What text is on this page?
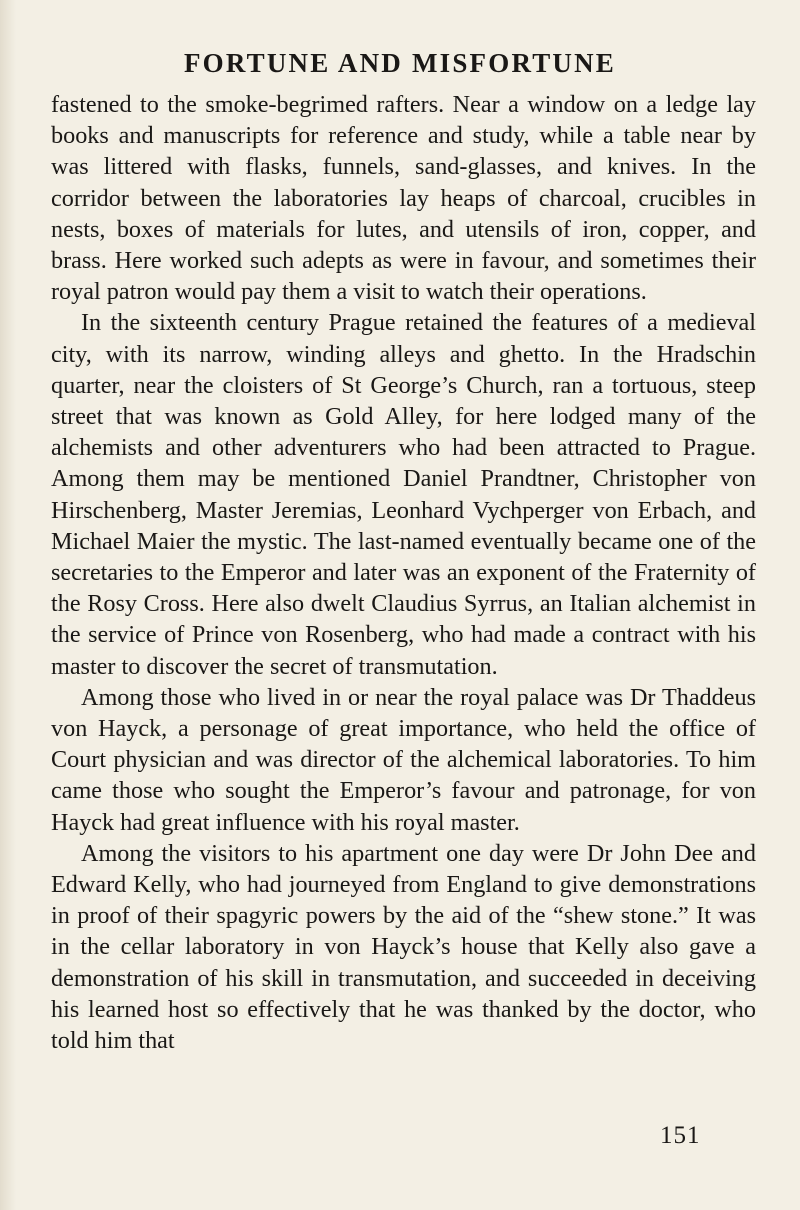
FORTUNE AND MISFORTUNE

fastened to the smoke-begrimed rafters. Near a window on a ledge lay books and manuscripts for reference and study, while a table near by was littered with flasks, funnels, sand-glasses, and knives. In the corridor between the laboratories lay heaps of charcoal, crucibles in nests, boxes of materials for lutes, and utensils of iron, copper, and brass. Here worked such adepts as were in favour, and sometimes their royal patron would pay them a visit to watch their operations.

In the sixteenth century Prague retained the features of a medieval city, with its narrow, winding alleys and ghetto. In the Hradschin quarter, near the cloisters of St George’s Church, ran a tortuous, steep street that was known as Gold Alley, for here lodged many of the alchemists and other adventurers who had been attracted to Prague. Among them may be mentioned Daniel Prandtner, Christopher von Hirschenberg, Master Jeremias, Leonhard Vychperger von Erbach, and Michael Maier the mystic. The last-named eventually became one of the secretaries to the Emperor and later was an exponent of the Fraternity of the Rosy Cross. Here also dwelt Claudius Syrrus, an Italian alchemist in the service of Prince von Rosenberg, who had made a contract with his master to discover the secret of transmutation.

Among those who lived in or near the royal palace was Dr Thaddeus von Hayck, a personage of great importance, who held the office of Court physician and was director of the alchemical laboratories. To him came those who sought the Emperor’s favour and patronage, for von Hayck had great influence with his royal master.

Among the visitors to his apartment one day were Dr John Dee and Edward Kelly, who had journeyed from England to give demonstrations in proof of their spagyric powers by the aid of the “shew stone.” It was in the cellar laboratory in von Hayck’s house that Kelly also gave a demonstration of his skill in transmutation, and succeeded in deceiving his learned host so effectively that he was thanked by the doctor, who told him that

151
